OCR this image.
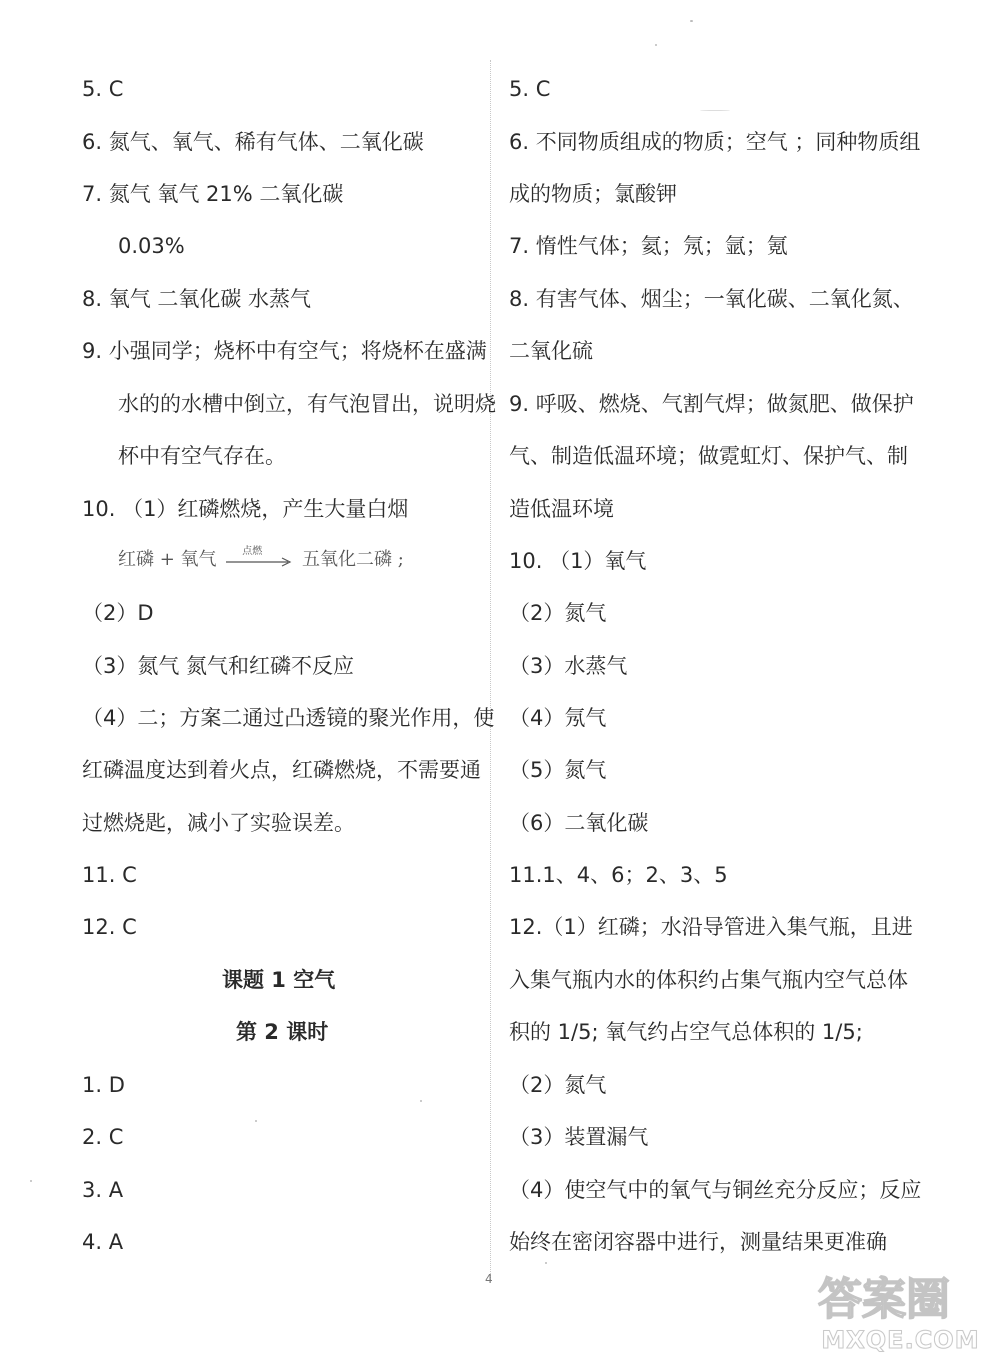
5. C
6. 氮气、氧气、稀有气体、二氧化碳
7. 氮气 氧气 21% 二氧化碳
0.03%
8. 氧气 二氧化碳 水蒸气
9. 小强同学；烧杯中有空气；将烧杯在盛满
水的的水槽中倒立，有气泡冒出，说明烧
杯中有空气存在。
10. （1）红磷燃烧，产生大量白烟
红磷 + 氧气	点燃 五氧化二磷 ;
（2）D
（3）氮气 氮气和红磷不反应
（4）二；方案二通过凸透镜的聚光作用，使
红磷温度达到着火点，红磷燃烧，不需要通
过燃烧匙，减小了实验误差。
11. C
12. C
课题 1 空气
第 2 课时
1. D
2. C
3. A
4. A
5. C
6. 不同物质组成的物质；空气 ；同种物质组
成的物质；氯酸钾
7. 惰性气体；氦；氖；氩；氪
8. 有害气体、烟尘；一氧化碳、二氧化氮、
二氧化硫
9. 呼吸、燃烧、气割气焊；做氮肥、做保护
气、制造低温环境；做霓虹灯、保护气、制
造低温环境
10. （1）氧气
（2）氮气
（3）水蒸气
（4）氖气
（5）氮气
（6）二氧化碳
11.1、4、6；2、3、5
12.（1）红磷；水沿导管进入集气瓶，且进
入集气瓶内水的体积约占集气瓶内空气总体
积的 1/5; 氧气约占空气总体积的 1/5;
（2）氮气
（3）装置漏气
（4）使空气中的氧气与铜丝充分反应；反应
始终在密闭容器中进行，测量结果更准确
4	答案圈
MXQE.COM
